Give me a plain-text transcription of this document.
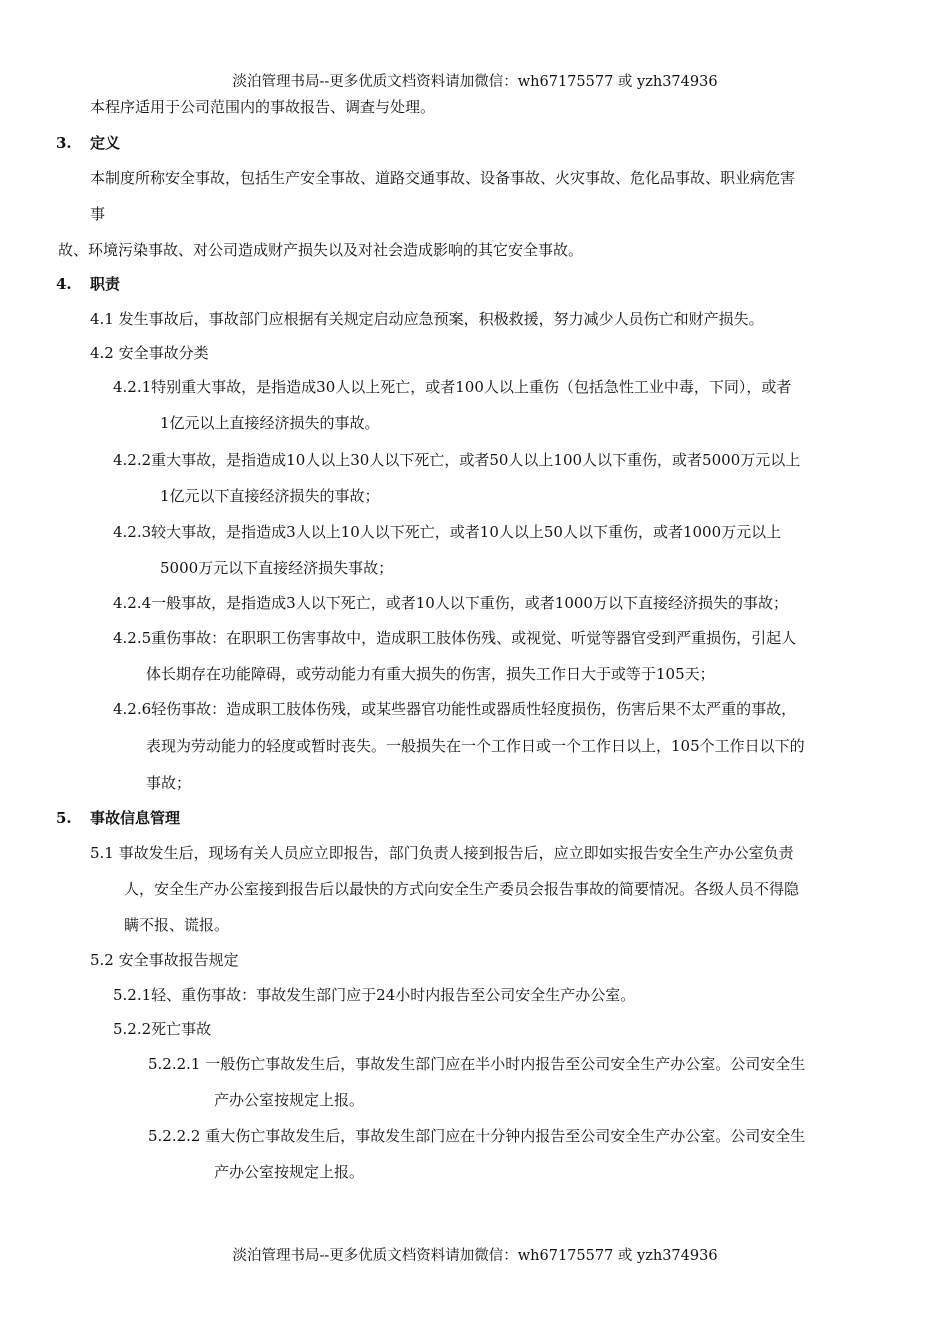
淡泊管理书局--更多优质文档资料请加微信：wh67175577 或 yzh374936
本程序适用于公司范围内的事故报告、调查与处理。
3. 定义
本制度所称安全事故，包括生产安全事故、道路交通事故、设备事故、火灾事故、危化品事故、职业病危害
事
故、环境污染事故、对公司造成财产损失以及对社会造成影响的其它安全事故。
4. 职责
4.1 发生事故后，事故部门应根据有关规定启动应急预案，积极救援，努力减少人员伤亡和财产损失。
4.2 安全事故分类
4.2.1特别重大事故，是指造成30人以上死亡，或者100人以上重伤（包括急性工业中毒，下同），或者
1亿元以上直接经济损失的事故。
4.2.2重大事故，是指造成10人以上30人以下死亡，或者50人以上100人以下重伤，或者5000万元以上
1亿元以下直接经济损失的事故；
4.2.3较大事故，是指造成3人以上10人以下死亡，或者10人以上50人以下重伤，或者1000万元以上
5000万元以下直接经济损失事故；
4.2.4一般事故，是指造成3人以下死亡，或者10人以下重伤，或者1000万以下直接经济损失的事故；
4.2.5重伤事故：在职职工伤害事故中，造成职工肢体伤残、或视觉、听觉等器官受到严重损伤，引起人
体长期存在功能障碍，或劳动能力有重大损失的伤害，损失工作日大于或等于105天；
4.2.6轻伤事故：造成职工肢体伤残，或某些器官功能性或器质性轻度损伤，伤害后果不太严重的事故，
表现为劳动能力的轻度或暂时丧失。一般损失在一个工作日或一个工作日以上，105个工作日以下的
事故；
5. 事故信息管理
5.1 事故发生后，现场有关人员应立即报告，部门负责人接到报告后，应立即如实报告安全生产办公室负责
人，安全生产办公室接到报告后以最快的方式向安全生产委员会报告事故的简要情况。各级人员不得隐
瞒不报、谎报。
5.2 安全事故报告规定
5.2.1轻、重伤事故：事故发生部门应于24小时内报告至公司安全生产办公室。
5.2.2死亡事故
5.2.2.1 一般伤亡事故发生后，事故发生部门应在半小时内报告至公司安全生产办公室。公司安全生
产办公室按规定上报。
5.2.2.2 重大伤亡事故发生后，事故发生部门应在十分钟内报告至公司安全生产办公室。公司安全生
产办公室按规定上报。
淡泊管理书局--更多优质文档资料请加微信：wh67175577 或 yzh374936
